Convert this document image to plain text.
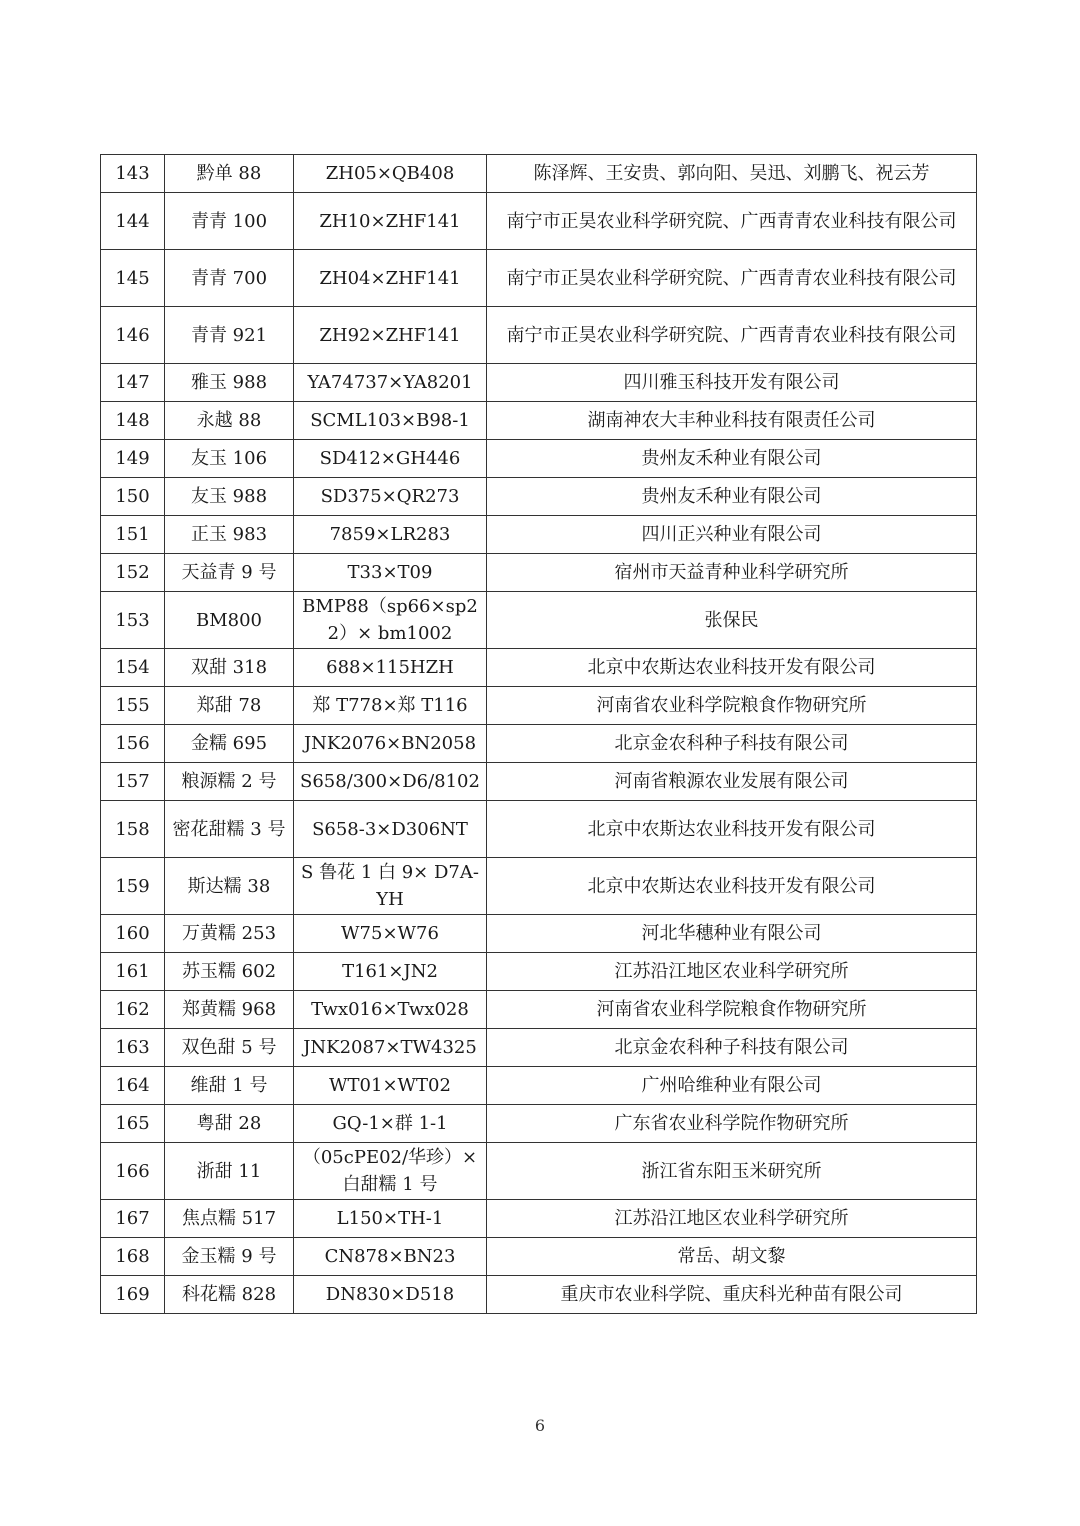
143	黔单 88	ZH05×QB408	陈泽辉、王安贵、郭向阳、吴迅、刘鹏飞、祝云芳
144	青青 100	ZH10×ZHF141	南宁市正昊农业科学研究院、广西青青农业科技有限公司
145	青青 700	ZH04×ZHF141	南宁市正昊农业科学研究院、广西青青农业科技有限公司
146	青青 921	ZH92×ZHF141	南宁市正昊农业科学研究院、广西青青农业科技有限公司
147	雅玉 988	YA74737×YA8201	四川雅玉科技开发有限公司
148	永越 88	SCML103×B98-1	湖南神农大丰种业科技有限责任公司
149	友玉 106	SD412×GH446	贵州友禾种业有限公司
150	友玉 988	SD375×QR273	贵州友禾种业有限公司
151	正玉 983	7859×LR283	四川正兴种业有限公司
152	天益青 9 号	T33×T09	宿州市天益青种业科学研究所
153	BM800	BMP88（sp66×sp22）× bm1002	张保民
154	双甜 318	688×115HZH	北京中农斯达农业科技开发有限公司
155	郑甜 78	郑 T778×郑 T116	河南省农业科学院粮食作物研究所
156	金糯 695	JNK2076×BN2058	北京金农科种子科技有限公司
157	粮源糯 2 号	S658/300×D6/8102	河南省粮源农业发展有限公司
158	密花甜糯 3 号	S658-3×D306NT	北京中农斯达农业科技开发有限公司
159	斯达糯 38	S 鲁花 1 白 9× D7A-YH	北京中农斯达农业科技开发有限公司
160	万黄糯 253	W75×W76	河北华穗种业有限公司
161	苏玉糯 602	T161×JN2	江苏沿江地区农业科学研究所
162	郑黄糯 968	Twx016×Twx028	河南省农业科学院粮食作物研究所
163	双色甜 5 号	JNK2087×TW4325	北京金农科种子科技有限公司
164	维甜 1 号	WT01×WT02	广州哈维种业有限公司
165	粤甜 28	GQ-1×群 1-1	广东省农业科学院作物研究所
166	浙甜 11	（05cPE02/华珍）× 白甜糯 1 号	浙江省东阳玉米研究所
167	焦点糯 517	L150×TH-1	江苏沿江地区农业科学研究所
168	金玉糯 9 号	CN878×BN23	常岳、胡文黎
169	科花糯 828	DN830×D518	重庆市农业科学院、重庆科光种苗有限公司
6
